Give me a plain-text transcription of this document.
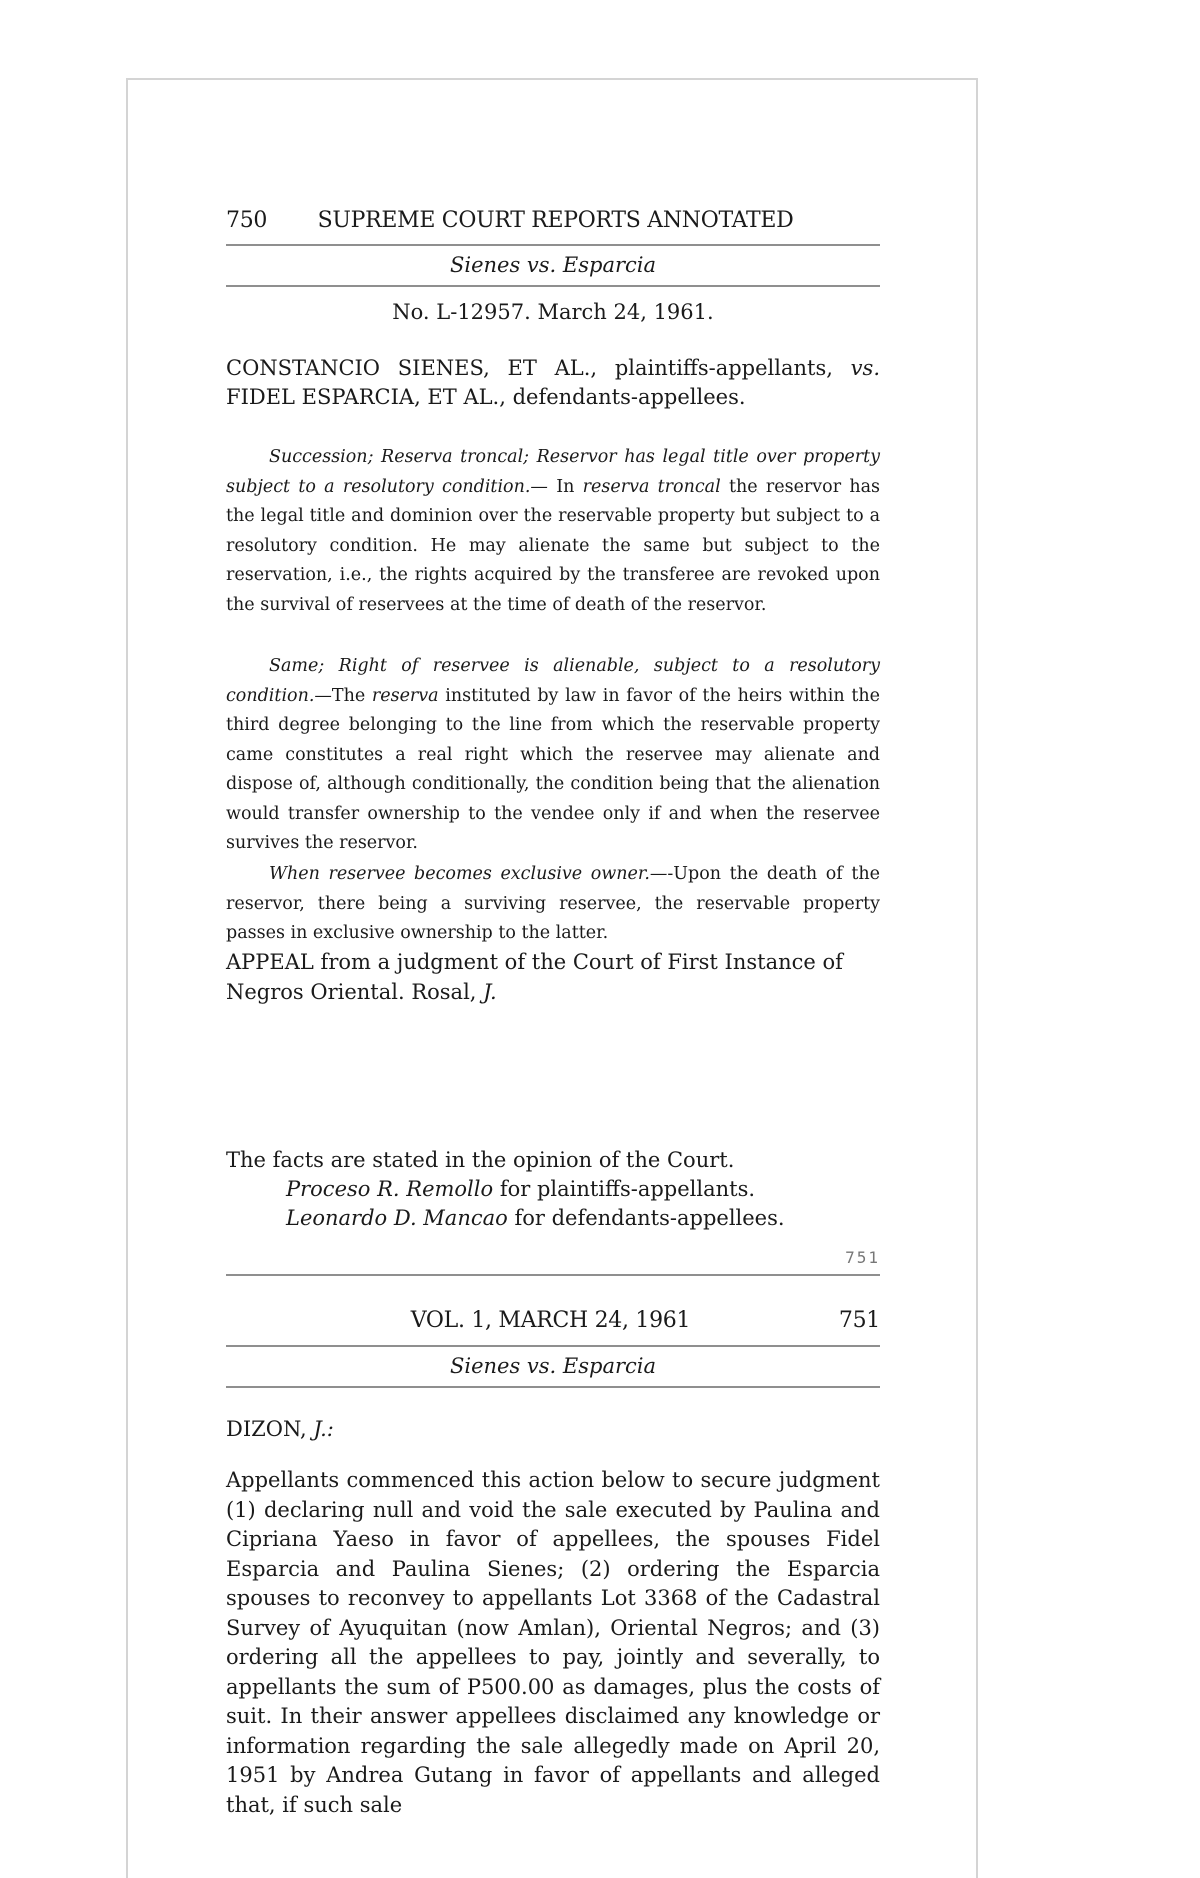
750	SUPREME COURT REPORTS ANNOTATED
Sienes vs. Esparcia
No. L-12957. March 24, 1961.
CONSTANCIO SIENES, ET AL., plaintiffs-appellants, vs. FIDEL ESPARCIA, ET AL., defendants-appellees.

Succession; Reserva troncal; Reservor has legal title over property subject to a resolutory condition.— In reserva troncal the reservor has the legal title and dominion over the reservable property but subject to a resolutory condition. He may alienate the same but subject to the reservation, i.e., the rights acquired by the transferee are revoked upon the survival of reservees at the time of death of the reservor.

Same; Right of reservee is alienable, subject to a resolutory condition.—The reserva instituted by law in favor of the heirs within the third degree belonging to the line from which the reservable property came constitutes a real right which the reservee may alienate and dispose of, although conditionally, the condition being that the alienation would transfer ownership to the vendee only if and when the reservee survives the reservor.

When reservee becomes exclusive owner.—-Upon the death of the reservor, there being a surviving reservee, the reservable property passes in exclusive ownership to the latter.

APPEAL from a judgment of the Court of First Instance of Negros Oriental. Rosal, J.
The facts are stated in the opinion of the Court.
Proceso R. Remollo for plaintiffs-appellants.
Leonardo D. Mancao for defendants-appellees.
751
VOL. 1, MARCH 24, 1961	751
Sienes vs. Esparcia
DIZON, J.:
Appellants commenced this action below to secure judgment (1) declaring null and void the sale executed by Paulina and Cipriana Yaeso in favor of appellees, the spouses Fidel Esparcia and Paulina Sienes; (2) ordering the Esparcia spouses to reconvey to appellants Lot 3368 of the Cadastral Survey of Ayuquitan (now Amlan), Oriental Negros; and (3) ordering all the appellees to pay, jointly and severally, to appellants the sum of P500.00 as damages, plus the costs of suit. In their answer appellees disclaimed any knowledge or information regarding the sale allegedly made on April 20, 1951 by Andrea Gutang in favor of appellants and alleged that, if such sale
